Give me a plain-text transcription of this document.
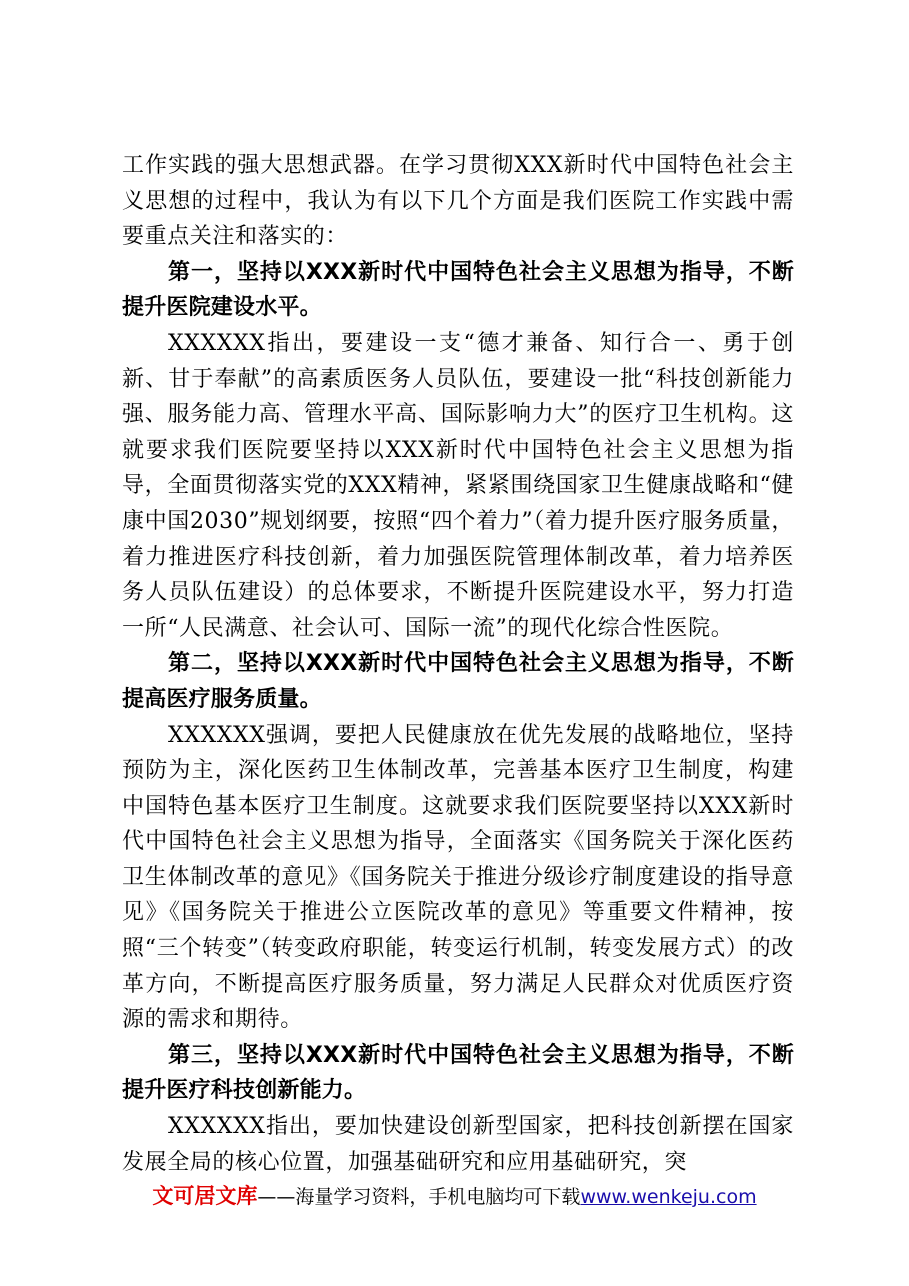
工作实践的强大思想武器。在学习贯彻XXX新时代中国特色社会主义思想的过程中，我认为有以下几个方面是我们医院工作实践中需要重点关注和落实的：

第一，坚持以XXX新时代中国特色社会主义思想为指导，不断提升医院建设水平。

XXXXXX指出，要建设一支“德才兼备、知行合一、勇于创新、甘于奉献”的高素质医务人员队伍，要建设一批“科技创新能力强、服务能力高、管理水平高、国际影响力大”的医疗卫生机构。这就要求我们医院要坚持以XXX新时代中国特色社会主义思想为指导，全面贯彻落实党的XXX精神，紧紧围绕国家卫生健康战略和“健康中国2030”规划纲要，按照“四个着力”（着力提升医疗服务质量，着力推进医疗科技创新，着力加强医院管理体制改革，着力培养医务人员队伍建设）的总体要求，不断提升医院建设水平，努力打造一所“人民满意、社会认可、国际一流”的现代化综合性医院。

第二，坚持以XXX新时代中国特色社会主义思想为指导，不断提高医疗服务质量。

XXXXXX强调，要把人民健康放在优先发展的战略地位，坚持预防为主，深化医药卫生体制改革，完善基本医疗卫生制度，构建中国特色基本医疗卫生制度。这就要求我们医院要坚持以XXX新时代中国特色社会主义思想为指导，全面落实《国务院关于深化医药卫生体制改革的意见》《国务院关于推进分级诊疗制度建设的指导意见》《国务院关于推进公立医院改革的意见》等重要文件精神，按照“三个转变”（转变政府职能，转变运行机制，转变发展方式）的改革方向，不断提高医疗服务质量，努力满足人民群众对优质医疗资源的需求和期待。

第三，坚持以XXX新时代中国特色社会主义思想为指导，不断提升医疗科技创新能力。

XXXXXX指出，要加快建设创新型国家，把科技创新摆在国家发展全局的核心位置，加强基础研究和应用基础研究，突

文可居文库——海量学习资料，手机电脑均可下载www.wenkeju.com
